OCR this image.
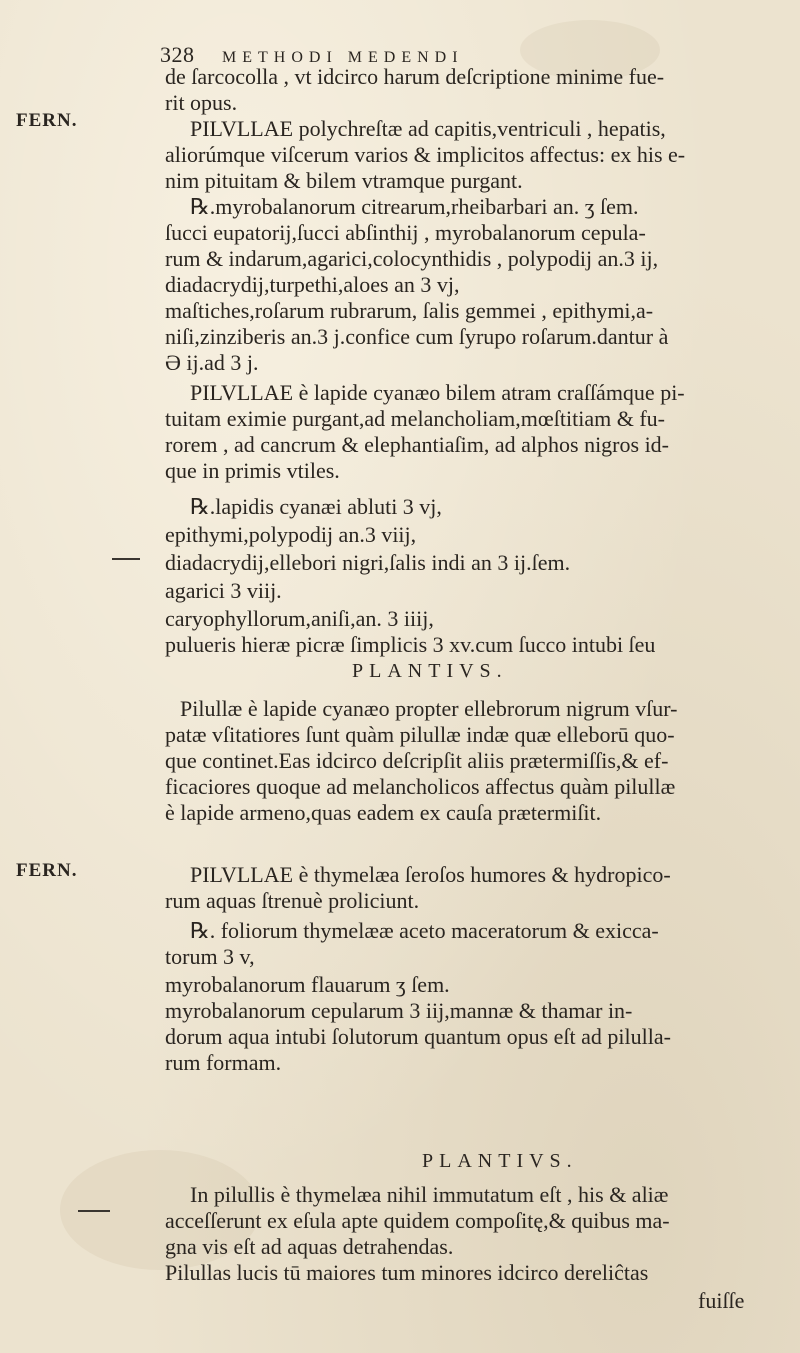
328 METHODI MEDENDI
FERN.
FERN.
PLANTIVS.
PLANTIVS.
de ſarcocolla , vt idcirco harum deſcriptione minime fue-
rit opus.
PILVLLAE polychreſtæ ad capitis,ventriculi , hepatis,
aliorúmque viſcerum varios & implicitos affectus: ex his e-
nim pituitam & bilem vtramque purgant.
℞.myrobalanorum citrearum,rheibarbari an. ʒ ſem.
ſucci eupatorij,ſucci abſinthij , myrobalanorum cepula-
rum & indarum,agarici,colocynthidis , polypodij an.3 ij,
diadacrydij,turpethi,aloes an 3 vj,
maſtiches,roſarum rubrarum, ſalis gemmei , epithymi,a-
niſi,zinziberis an.3 j.confice cum ſyrupo roſarum.dantur à
Ə ij.ad 3 j.
PILVLLAE è lapide cyanæo bilem atram craſſámque pi-
tuitam eximie purgant,ad melancholiam,mœſtitiam & fu-
rorem , ad cancrum & elephantiaſim, ad alphos nigros id-
que in primis vtiles.
℞.lapidis cyanæi abluti 3 vj,
epithymi,polypodij an.3 viij,
diadacrydij,ellebori nigri,ſalis indi an 3 ij.ſem.
agarici 3 viij.
caryophyllorum,aniſi,an. 3 iiij,
pulueris hieræ picræ ſimplicis 3 xv.cum ſucco intubi ſeu
Pilullæ è lapide cyanæo propter ellebrorum nigrum vſur-
patæ vſitatiores ſunt quàm pilullæ indæ quæ elleborū quo-
que continet.Eas idcirco deſcripſit aliis prætermiſſis,& ef-
ficaciores quoque ad melancholicos affectus quàm pilullæ
è lapide armeno,quas eadem ex cauſa prætermiſit.
PILVLLAE è thymelæa ſeroſos humores & hydropico-
rum aquas ſtrenuè proliciunt.
℞. foliorum thymelææ aceto maceratorum & exicca-
torum 3 v,
myrobalanorum flauarum ʒ ſem.
myrobalanorum cepularum 3 iij,mannæ & thamar in-
dorum aqua intubi ſolutorum quantum opus eſt ad pilulla-
rum formam.
In pilullis è thymelæa nihil immutatum eſt , his & aliæ
acceſſerunt ex eſula apte quidem compoſitę,& quibus ma-
gna vis eſt ad aquas detrahendas.
Pilullas lucis tū maiores tum minores idcirco dereliĉtas
fuiſſe
